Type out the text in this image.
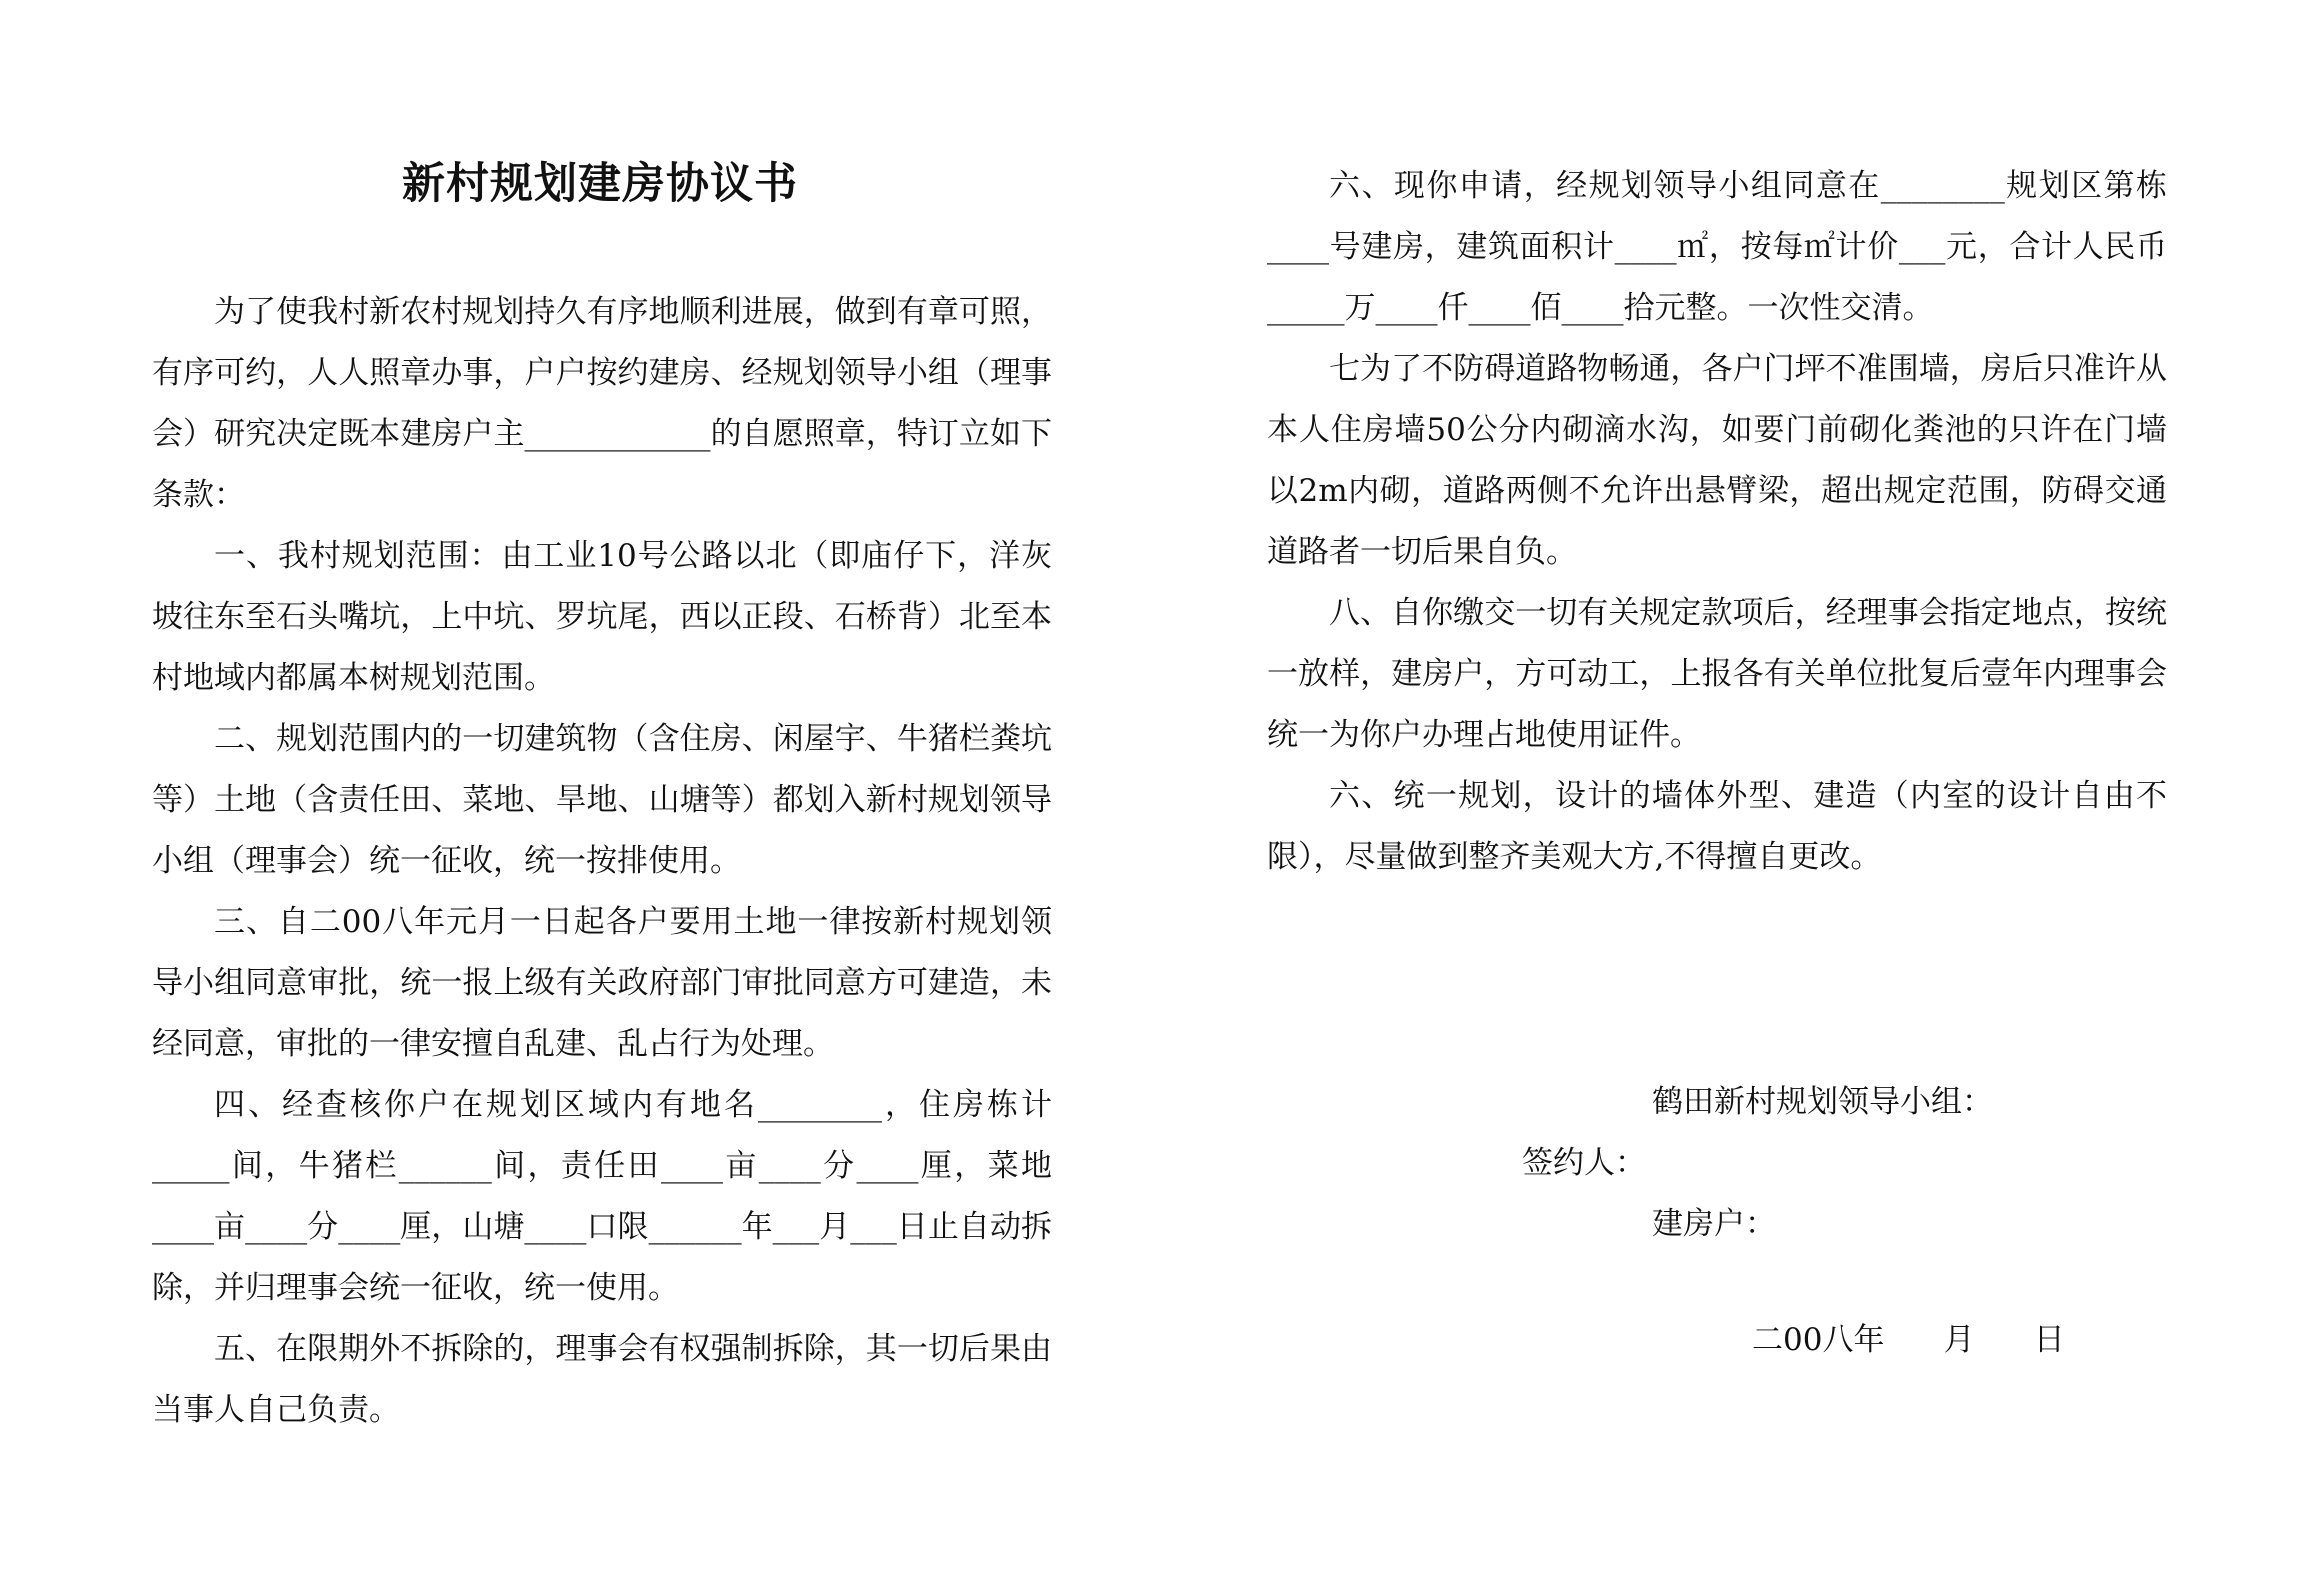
新村规划建房协议书

为了使我村新农村规划持久有序地顺利进展，做到有章可照，有序可约，人人照章办事，户户按约建房、经规划领导小组（理事会）研究决定既本建房户主____________的自愿照章，特订立如下条款：

一、我村规划范围：由工业10号公路以北（即庙仔下，洋灰坡往东至石头嘴坑，上中坑、罗坑尾，西以正段、石桥背）北至本村地域内都属本树规划范围。

二、规划范围内的一切建筑物（含住房、闲屋宇、牛猪栏粪坑等）土地（含责任田、菜地、旱地、山塘等）都划入新村规划领导小组（理事会）统一征收，统一按排使用。

三、自二00八年元月一日起各户要用土地一律按新村规划领导小组同意审批，统一报上级有关政府部门审批同意方可建造，未经同意，审批的一律安擅自乱建、乱占行为处理。

四、经查核你户在规划区域内有地名________，住房栋计_____间，牛猪栏______间，责任田____亩____分____厘，菜地____亩____分____厘，山塘____口限______年___月___日止自动拆除，并归理事会统一征收，统一使用。

五、在限期外不拆除的，理事会有权强制拆除，其一切后果由当事人自己负责。

六、现你申请，经规划领导小组同意在________规划区第栋____号建房，建筑面积计____㎡，按每㎡计价___元，合计人民币_____万____仟____佰____拾元整。一次性交清。

七为了不防碍道路物畅通，各户门坪不准围墙，房后只准许从本人住房墙50公分内砌滴水沟，如要门前砌化粪池的只许在门墙以2m内砌，道路两侧不允许出悬臂梁，超出规定范围，防碍交通道路者一切后果自负。

八、自你缴交一切有关规定款项后，经理事会指定地点，按统一放样，建房户，方可动工，上报各有关单位批复后壹年内理事会统一为你户办理占地使用证件。

六、统一规划，设计的墙体外型、建造（内室的设计自由不限），尽量做到整齐美观大方,不得擅自更改。

鹤田新村规划领导小组：
签约人：
建房户：
二00八年      月      日
